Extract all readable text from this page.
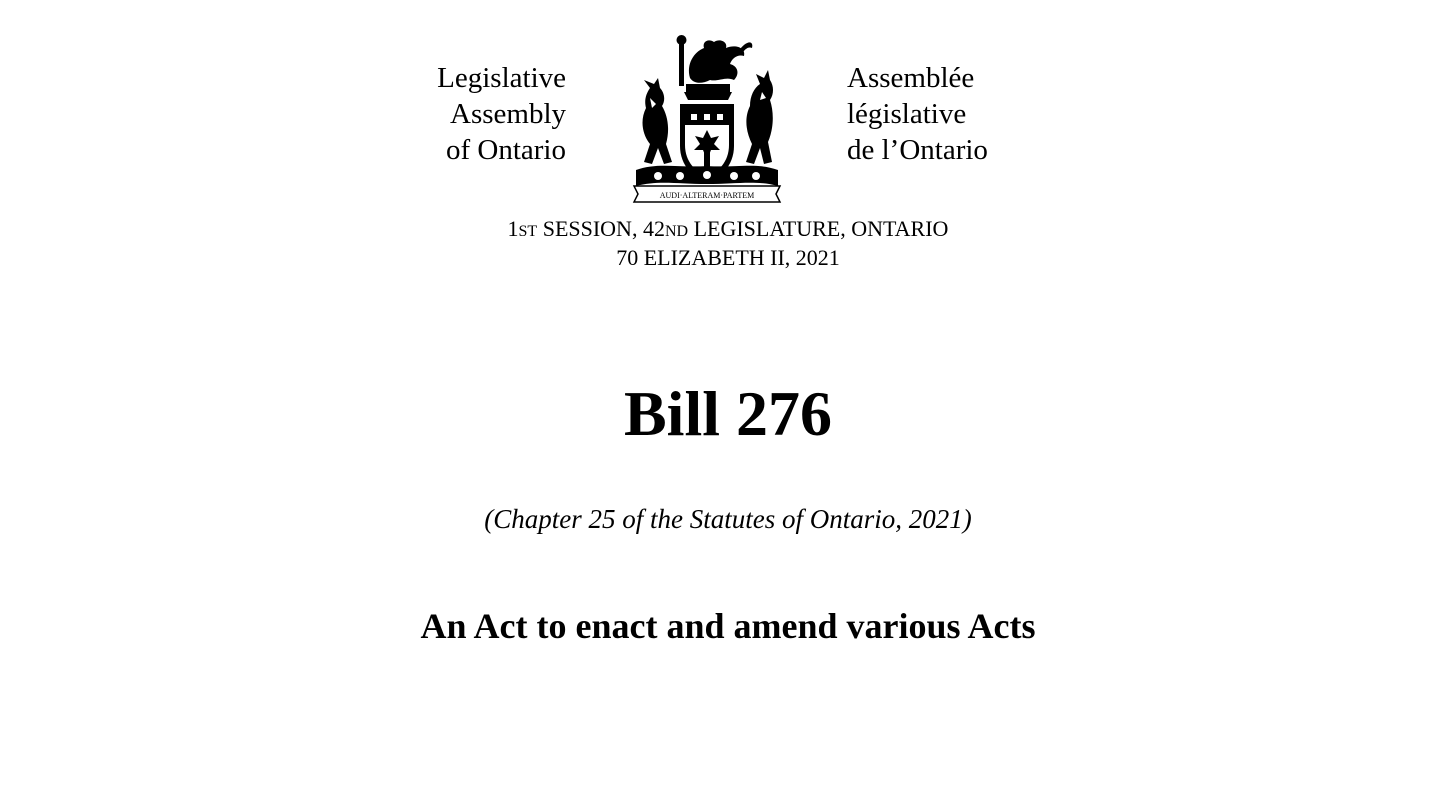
Legislative
Assembly
of Ontario
AUDI·ALTERAM·PARTEM
Assemblée
législative
de l’Ontario
1ST SESSION, 42ND LEGISLATURE, ONTARIO
70 ELIZABETH II, 2021
Bill 276
(Chapter 25 of the Statutes of Ontario, 2021)
An Act to enact and amend various Acts
